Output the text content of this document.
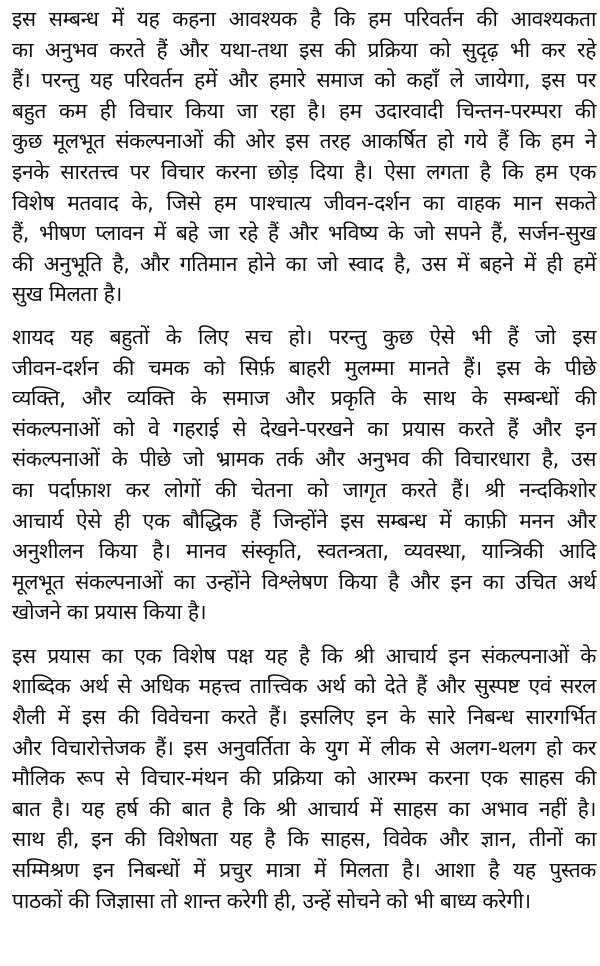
इस सम्बन्ध में यह कहना आवश्यक है कि हम परिवर्तन की आवश्यकता
का अनुभव करते हैं और यथा-तथा इस की प्रक्रिया को सुदृढ़ भी कर रहे
हैं। परन्तु यह परिवर्तन हमें और हमारे समाज को कहाँ ले जायेगा, इस पर
बहुत कम ही विचार किया जा रहा है। हम उदारवादी चिन्तन-परम्परा की
कुछ मूलभूत संकल्पनाओं की ओर इस तरह आकर्षित हो गये हैं कि हम ने
इनके सारतत्त्व पर विचार करना छोड़ दिया है। ऐसा लगता है कि हम एक
विशेष मतवाद के, जिसे हम पाश्चात्य जीवन-दर्शन का वाहक मान सकते
हैं, भीषण प्लावन में बहे जा रहे हैं और भविष्य के जो सपने हैं, सर्जन-सुख
की अनुभूति है, और गतिमान होने का जो स्वाद है, उस में बहने में ही हमें
सुख मिलता है।
शायद यह बहुतों के लिए सच हो। परन्तु कुछ ऐसे भी हैं जो इस
जीवन-दर्शन की चमक को सिर्फ़ बाहरी मुलम्मा मानते हैं। इस के पीछे
व्यक्ति, और व्यक्ति के समाज और प्रकृति के साथ के सम्बन्धों की
संकल्पनाओं को वे गहराई से देखने-परखने का प्रयास करते हैं और इन
संकल्पनाओं के पीछे जो भ्रामक तर्क और अनुभव की विचारधारा है, उस
का पर्दाफ़ाश कर लोगों की चेतना को जागृत करते हैं। श्री नन्दकिशोर
आचार्य ऐसे ही एक बौद्धिक हैं जिन्होंने इस सम्बन्ध में काफ़ी मनन और
अनुशीलन किया है। मानव संस्कृति, स्वतन्त्रता, व्यवस्था, यान्त्रिकी आदि
मूलभूत संकल्पनाओं का उन्होंने विश्लेषण किया है और इन का उचित अर्थ
खोजने का प्रयास किया है।
इस प्रयास का एक विशेष पक्ष यह है कि श्री आचार्य इन संकल्पनाओं के
शाब्दिक अर्थ से अधिक महत्त्व तात्त्विक अर्थ को देते हैं और सुस्पष्ट एवं सरल
शैली में इस की विवेचना करते हैं। इसलिए इन के सारे निबन्ध सारगर्भित
और विचारोत्तेजक हैं। इस अनुवर्तिता के युग में लीक से अलग-थलग हो कर
मौलिक रूप से विचार-मंथन की प्रक्रिया को आरम्भ करना एक साहस की
बात है। यह हर्ष की बात है कि श्री आचार्य में साहस का अभाव नहीं है।
साथ ही, इन की विशेषता यह है कि साहस, विवेक और ज्ञान, तीनों का
सम्मिश्रण इन निबन्धों में प्रचुर मात्रा में मिलता है। आशा है यह पुस्तक
पाठकों की जिज्ञासा तो शान्त करेगी ही, उन्हें सोचने को भी बाध्य करेगी।
